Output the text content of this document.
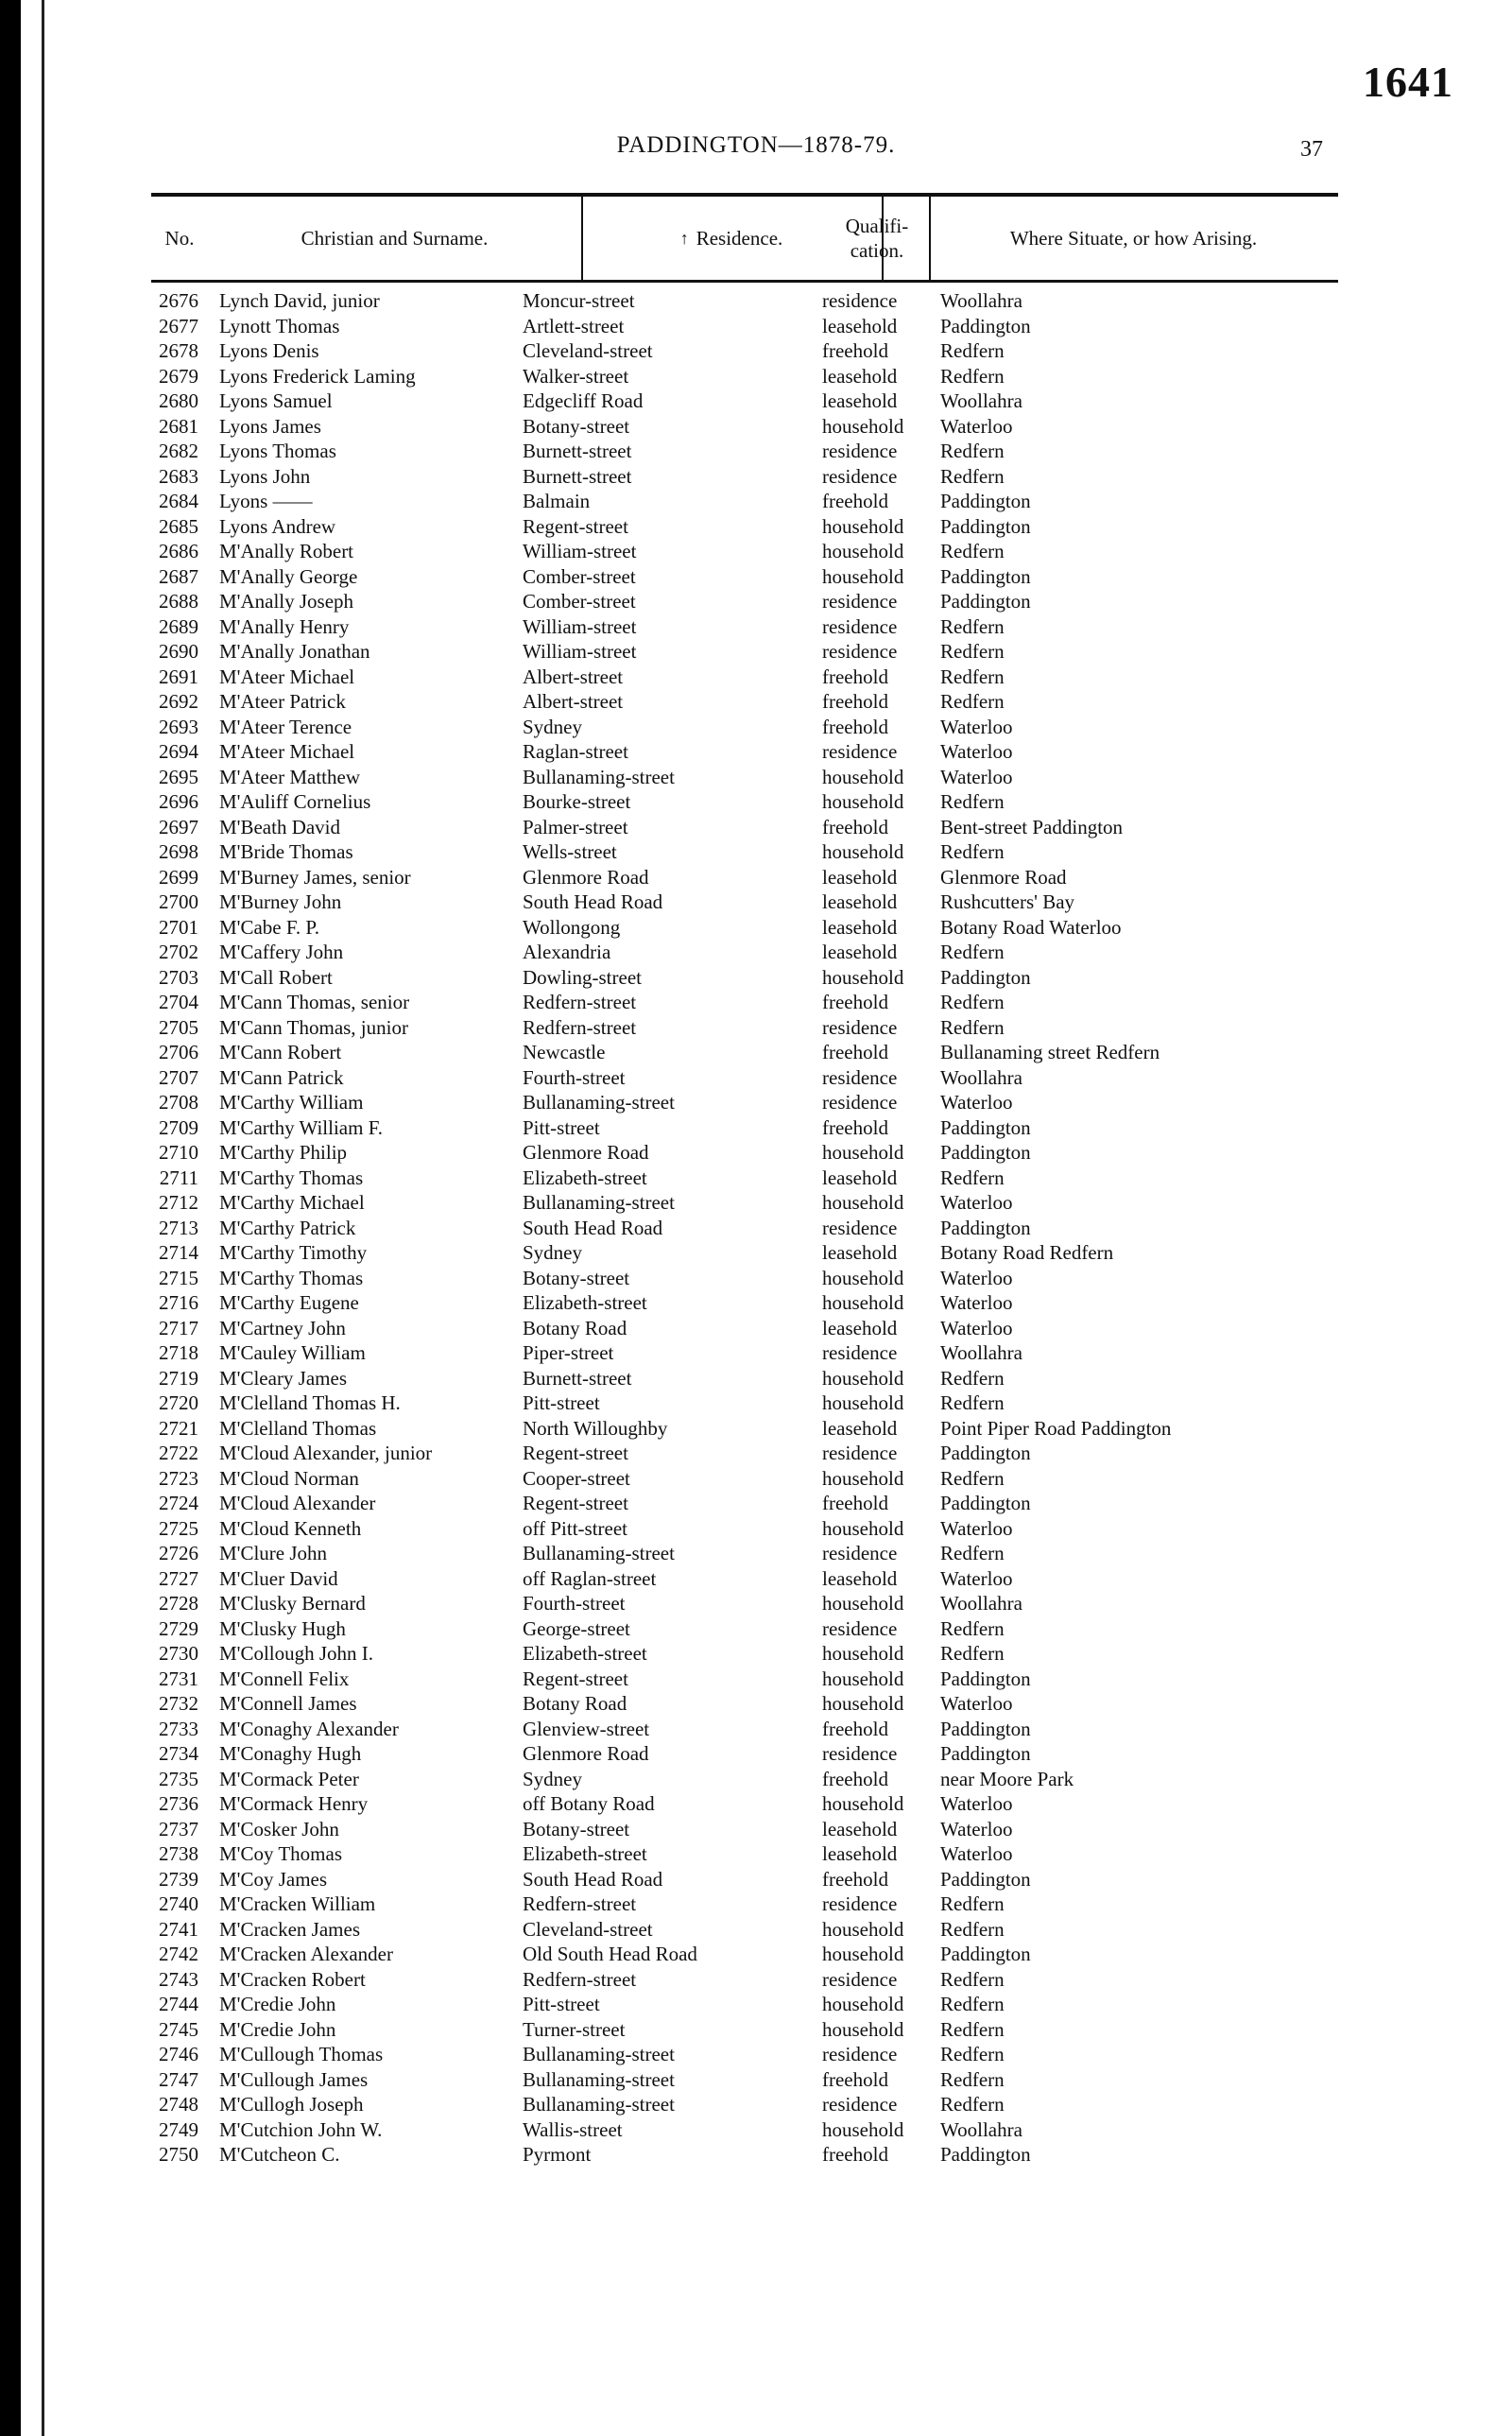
1641
PADDINGTON—1878-79.	37
No.	Christian and Surname.	↑ Residence.
Qualifi-
cation.
Where Situate, or how Arising.
2676 Lynch David, junior	Moncur-street	residence Woollahra
2677 Lynott Thomas	Artlett-street	leasehold Paddington
2678 Lyons Denis	Cleveland-street	freehold	Redfern
2679 Lyons Frederick Laming	Walker-street	leasehold Redfern
2680 Lyons Samuel	Edgecliff Road	leasehold Woollahra
2681 Lyons James	Botany-street	household Waterloo
2682 Lyons Thomas	Burnett-street	residence Redfern
2683 Lyons John	Burnett-street	residence Redfern
2684 Lyons ——	Balmain	freehold	Paddington
2685 Lyons Andrew	Regent-street	household Paddington
2686 M'Anally Robert	William-street	household Redfern
2687 M'Anally George	Comber-street	household Paddington
2688 M'Anally Joseph	Comber-street	residence Paddington
2689 M'Anally Henry	William-street	residence Redfern
2690 M'Anally Jonathan	William-street	residence Redfern
2691 M'Ateer Michael	Albert-street	freehold	Redfern
2692 M'Ateer Patrick	Albert-street	freehold	Redfern
2693 M'Ateer Terence	Sydney	freehold	Waterloo
2694 M'Ateer Michael	Raglan-street	residence Waterloo
2695 M'Ateer Matthew	Bullanaming-street	household Waterloo
2696 M'Auliff Cornelius	Bourke-street	household Redfern
2697 M'Beath David	Palmer-street	freehold	Bent-street Paddington
2698 M'Bride Thomas	Wells-street	household Redfern
2699 M'Burney James, senior	Glenmore Road	leasehold Glenmore Road
2700 M'Burney John	South Head Road	leasehold Rushcutters' Bay
2701 M'Cabe F. P.	Wollongong	leasehold Botany Road Waterloo
2702 M'Caffery John	Alexandria	leasehold Redfern
2703 M'Call Robert	Dowling-street	household Paddington
2704 M'Cann Thomas, senior	Redfern-street	freehold	Redfern
2705 M'Cann Thomas, junior	Redfern-street	residence Redfern
2706 M'Cann Robert	Newcastle	freehold	Bullanaming street Redfern
2707 M'Cann Patrick	Fourth-street	residence Woollahra
2708 M'Carthy William	Bullanaming-street	residence Waterloo
2709 M'Carthy William F.	Pitt-street	freehold	Paddington
2710 M'Carthy Philip	Glenmore Road	household Paddington
2711 M'Carthy Thomas	Elizabeth-street	leasehold Redfern
2712 M'Carthy Michael	Bullanaming-street	household Waterloo
2713 M'Carthy Patrick	South Head Road	residence Paddington
2714 M'Carthy Timothy	Sydney	leasehold Botany Road Redfern
2715 M'Carthy Thomas	Botany-street	household Waterloo
2716 M'Carthy Eugene	Elizabeth-street	household Waterloo
2717 M'Cartney John	Botany Road	leasehold Waterloo
2718 M'Cauley William	Piper-street	residence Woollahra
2719 M'Cleary James	Burnett-street	household Redfern
2720 M'Clelland Thomas H.	Pitt-street	household Redfern
2721 M'Clelland Thomas	North Willoughby	leasehold Point Piper Road Paddington
2722 M'Cloud Alexander, junior	Regent-street	residence Paddington
2723 M'Cloud Norman	Cooper-street	household Redfern
2724 M'Cloud Alexander	Regent-street	freehold	Paddington
2725 M'Cloud Kenneth	off Pitt-street	household Waterloo
2726 M'Clure John	Bullanaming-street	residence Redfern
2727 M'Cluer David	off Raglan-street	leasehold Waterloo
2728 M'Clusky Bernard	Fourth-street	household Woollahra
2729 M'Clusky Hugh	George-street	residence Redfern
2730 M'Collough John I.	Elizabeth-street	household Redfern
2731 M'Connell Felix	Regent-street	household Paddington
2732 M'Connell James	Botany Road	household Waterloo
2733 M'Conaghy Alexander	Glenview-street	freehold	Paddington
2734 M'Conaghy Hugh	Glenmore Road	residence Paddington
2735 M'Cormack Peter	Sydney	freehold	near Moore Park
2736 M'Cormack Henry	off Botany Road	household Waterloo
2737 M'Cosker John	Botany-street	leasehold Waterloo
2738 M'Coy Thomas	Elizabeth-street	leasehold Waterloo
2739 M'Coy James	South Head Road	freehold	Paddington
2740 M'Cracken William	Redfern-street	residence Redfern
2741 M'Cracken James	Cleveland-street	household Redfern
2742 M'Cracken Alexander	Old South Head Road	household Paddington
2743 M'Cracken Robert	Redfern-street	residence Redfern
2744 M'Credie John	Pitt-street	household Redfern
2745 M'Credie John	Turner-street	household Redfern
2746 M'Cullough Thomas	Bullanaming-street	residence Redfern
2747 M'Cullough James	Bullanaming-street	freehold	Redfern
2748 M'Cullogh Joseph	Bullanaming-street	residence Redfern
2749 M'Cutchion John W.	Wallis-street	household Woollahra
2750 M'Cutcheon C.	Pyrmont	freehold	Paddington
